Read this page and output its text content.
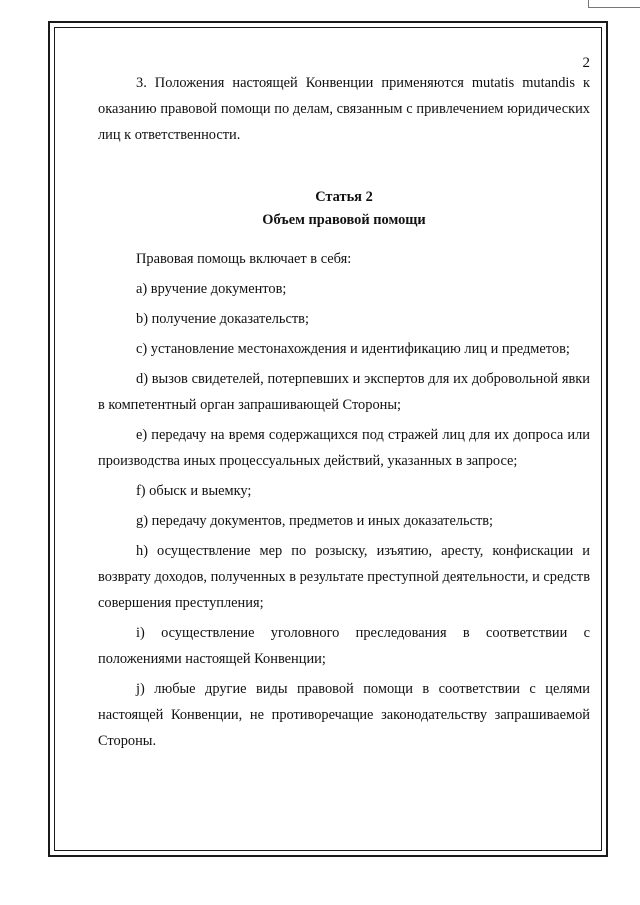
2

3. Положения настоящей Конвенции применяются mutatis mutandis к оказанию правовой помощи по делам, связанным с привлечением юридических лиц к ответственности.

Статья 2

Объем правовой помощи

Правовая помощь включает в себя:

a) вручение документов;

b) получение доказательств;

c) установление местонахождения и идентификацию лиц и предметов;

d) вызов свидетелей, потерпевших и экспертов для их добровольной явки в компетентный орган запрашивающей Стороны;

e) передачу на время содержащихся под стражей лиц для их допроса или производства иных процессуальных действий, указанных в запросе;

f) обыск и выемку;

g) передачу документов, предметов и иных доказательств;

h) осуществление мер по розыску, изъятию, аресту, конфискации и возврату доходов, полученных в результате преступной деятельности, и средств совершения преступления;

i) осуществление уголовного преследования в соответствии с положениями настоящей Конвенции;

j) любые другие виды правовой помощи в соответствии с целями настоящей Конвенции, не противоречащие законодательству запрашиваемой Стороны.
